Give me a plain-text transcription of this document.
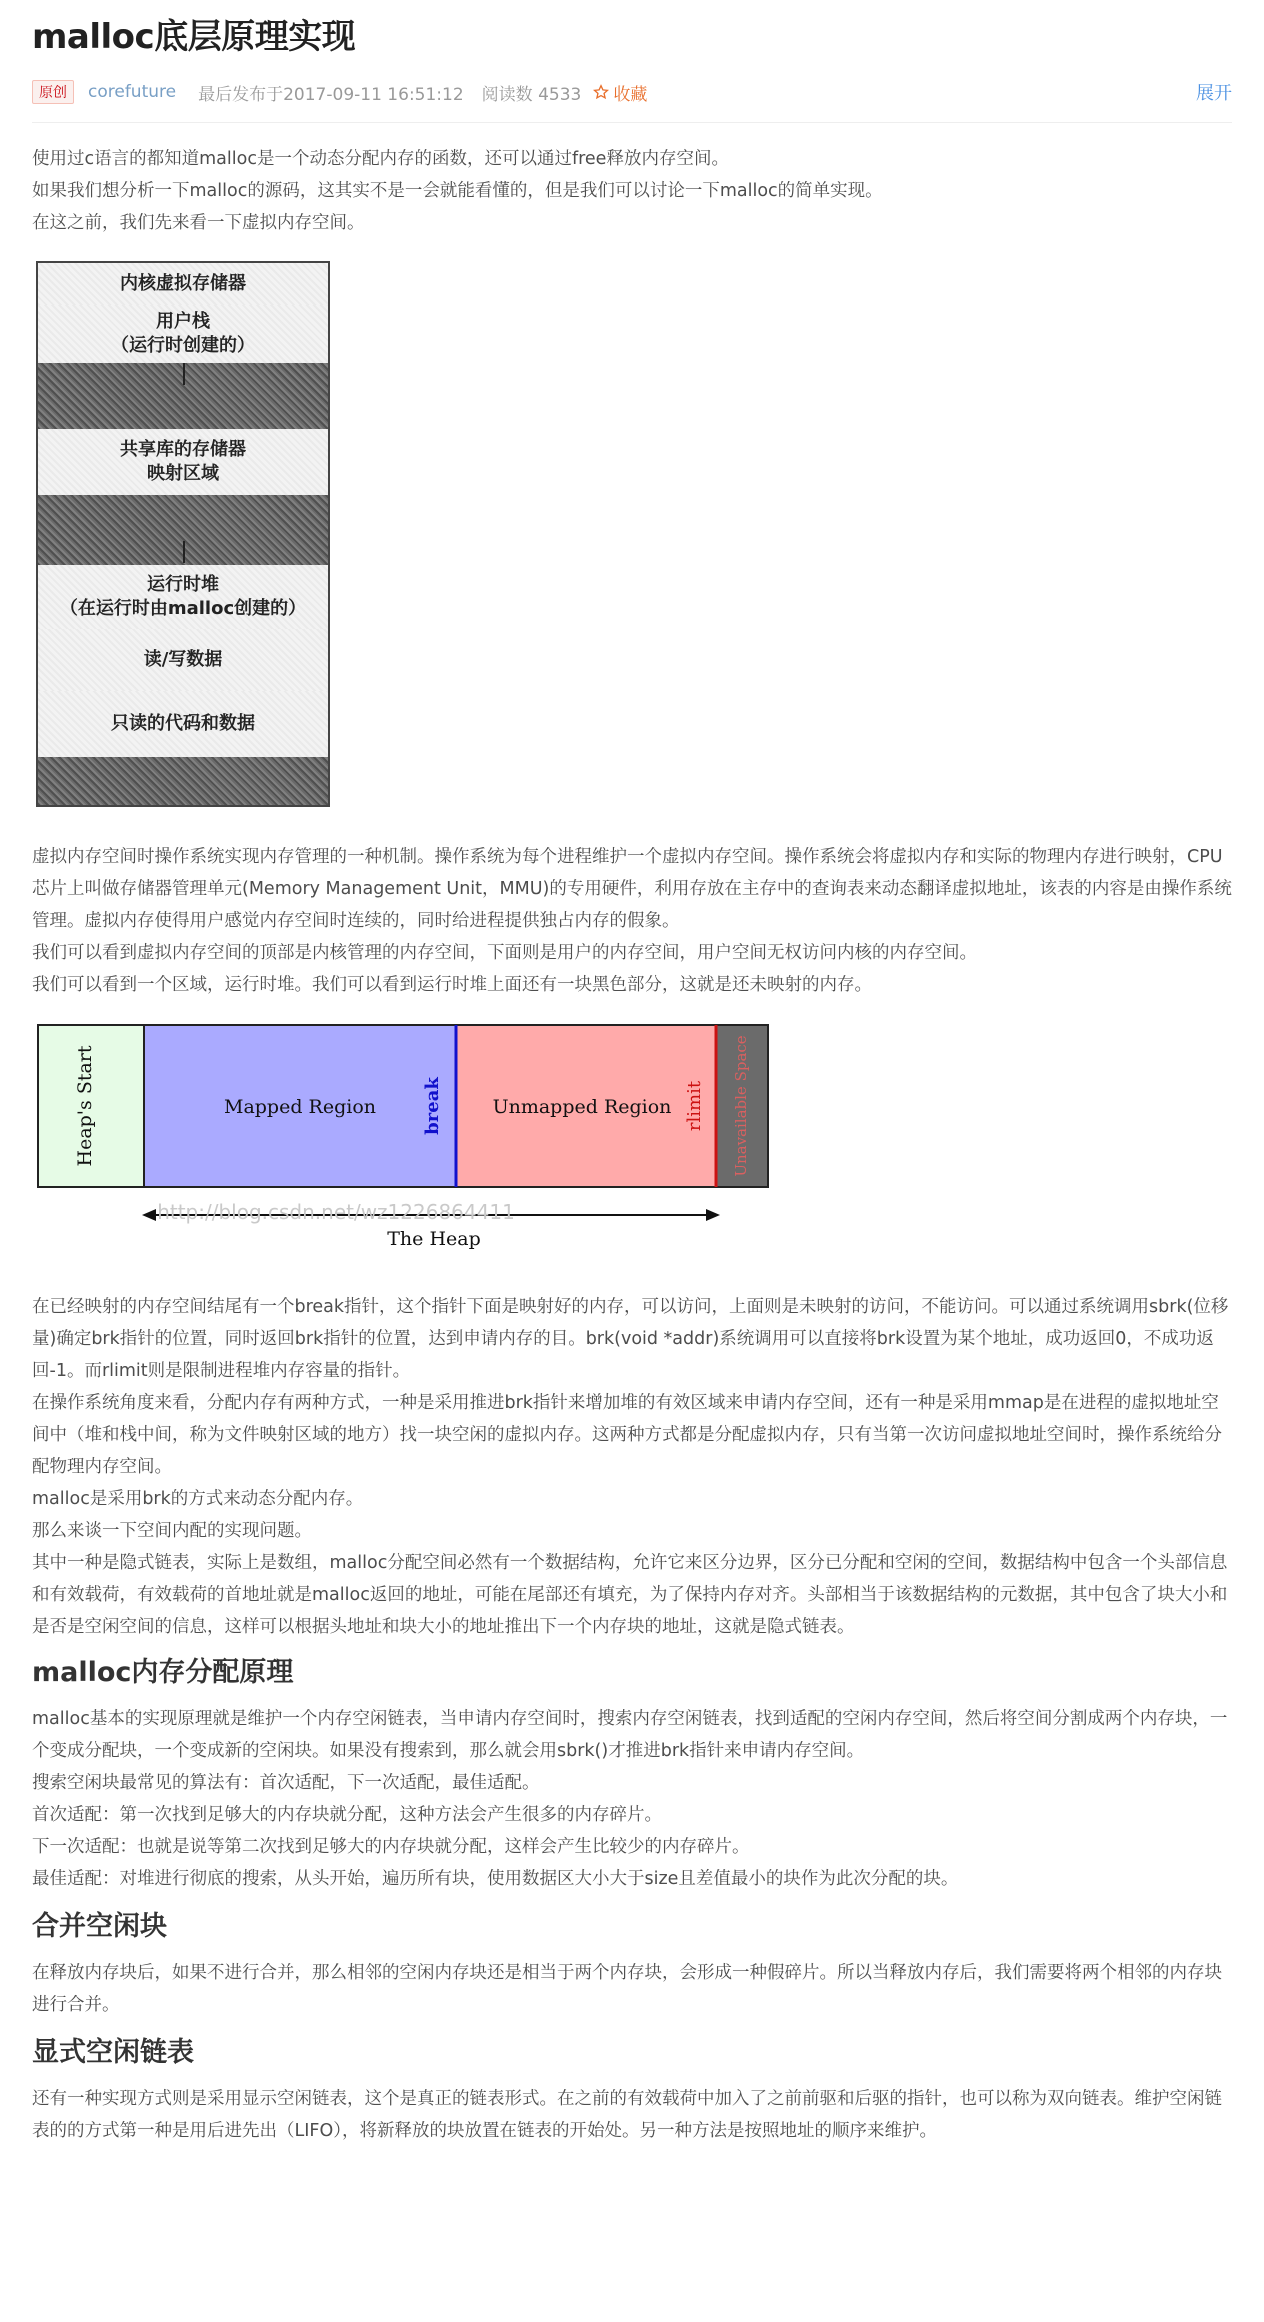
malloc底层原理实现
原创	corefuture 最后发布于2017-09-11 16:51:12 阅读数 4533 收藏	展开

使用过c语言的都知道malloc是一个动态分配内存的函数，还可以通过free释放内存空间。

如果我们想分析一下malloc的源码，这其实不是一会就能看懂的，但是我们可以讨论一下malloc的简单实现。

在这之前，我们先来看一下虚拟内存空间。

内核虚拟存储器
用户栈
（运行时创建的）
共享库的存储器
映射区域
运行时堆
（在运行时由malloc创建的）
读/写数据
只读的代码和数据

虚拟内存空间时操作系统实现内存管理的一种机制。操作系统为每个进程维护一个虚拟内存空间。操作系统会将虚拟内存和实际的物理内存进行映射，CPU芯片上叫做存储器管理单元(Memory Management Unit，MMU)的专用硬件，利用存放在主存中的查询表来动态翻译虚拟地址，该表的内容是由操作系统管理。虚拟内存使得用户感觉内存空间时连续的，同时给进程提供独占内存的假象。

我们可以看到虚拟内存空间的顶部是内核管理的内存空间，下面则是用户的内存空间，用户空间无权访问内核的内存空间。

我们可以看到一个区域，运行时堆。我们可以看到运行时堆上面还有一块黑色部分，这就是还未映射的内存。

Heap's Start	Mapped Region	break	Unmapped Region rlimit Unavailable Space
http://blog.csdn.net/wz1226864411
The Heap

在已经映射的内存空间结尾有一个break指针，这个指针下面是映射好的内存，可以访问，上面则是未映射的访问，不能访问。可以通过系统调用sbrk(位移量)确定brk指针的位置，同时返回brk指针的位置，达到申请内存的目。brk(void *addr)系统调用可以直接将brk设置为某个地址，成功返回0，不成功返回-1。而rlimit则是限制进程堆内存容量的指针。

在操作系统角度来看，分配内存有两种方式，一种是采用推进brk指针来增加堆的有效区域来申请内存空间，还有一种是采用mmap是在进程的虚拟地址空间中（堆和栈中间，称为文件映射区域的地方）找一块空闲的虚拟内存。这两种方式都是分配虚拟内存，只有当第一次访问虚拟地址空间时，操作系统给分配物理内存空间。

malloc是采用brk的方式来动态分配内存。

那么来谈一下空间内配的实现问题。

其中一种是隐式链表，实际上是数组，malloc分配空间必然有一个数据结构，允许它来区分边界，区分已分配和空闲的空间，数据结构中包含一个头部信息和有效载荷，有效载荷的首地址就是malloc返回的地址，可能在尾部还有填充，为了保持内存对齐。头部相当于该数据结构的元数据，其中包含了块大小和是否是空闲空间的信息，这样可以根据头地址和块大小的地址推出下一个内存块的地址，这就是隐式链表。

malloc内存分配原理

malloc基本的实现原理就是维护一个内存空闲链表，当申请内存空间时，搜索内存空闲链表，找到适配的空闲内存空间，然后将空间分割成两个内存块，一个变成分配块，一个变成新的空闲块。如果没有搜索到，那么就会用sbrk()才推进brk指针来申请内存空间。

搜索空闲块最常见的算法有：首次适配，下一次适配，最佳适配。

首次适配：第一次找到足够大的内存块就分配，这种方法会产生很多的内存碎片。

下一次适配：也就是说等第二次找到足够大的内存块就分配，这样会产生比较少的内存碎片。

最佳适配：对堆进行彻底的搜索，从头开始，遍历所有块，使用数据区大小大于size且差值最小的块作为此次分配的块。

合并空闲块

在释放内存块后，如果不进行合并，那么相邻的空闲内存块还是相当于两个内存块，会形成一种假碎片。所以当释放内存后，我们需要将两个相邻的内存块进行合并。

显式空闲链表

还有一种实现方式则是采用显示空闲链表，这个是真正的链表形式。在之前的有效载荷中加入了之前前驱和后驱的指针，也可以称为双向链表。维护空闲链表的的方式第一种是用后进先出（LIFO），将新释放的块放置在链表的开始处。另一种方法是按照地址的顺序来维护。
